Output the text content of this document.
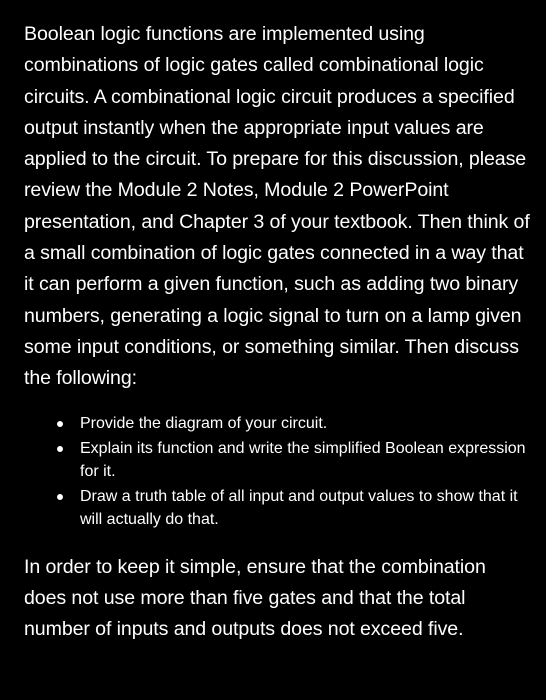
Boolean logic functions are implemented using combinations of logic gates called combinational logic circuits. A combinational logic circuit produces a specified output instantly when the appropriate input values are applied to the circuit. To prepare for this discussion, please review the Module 2 Notes, Module 2 PowerPoint presentation, and Chapter 3 of your textbook. Then think of a small combination of logic gates connected in a way that it can perform a given function, such as adding two binary numbers, generating a logic signal to turn on a lamp given some input conditions, or something similar. Then discuss the following:

Provide the diagram of your circuit.
Explain its function and write the simplified Boolean expression for it.
Draw a truth table of all input and output values to show that it will actually do that.

In order to keep it simple, ensure that the combination does not use more than five gates and that the total number of inputs and outputs does not exceed five.
